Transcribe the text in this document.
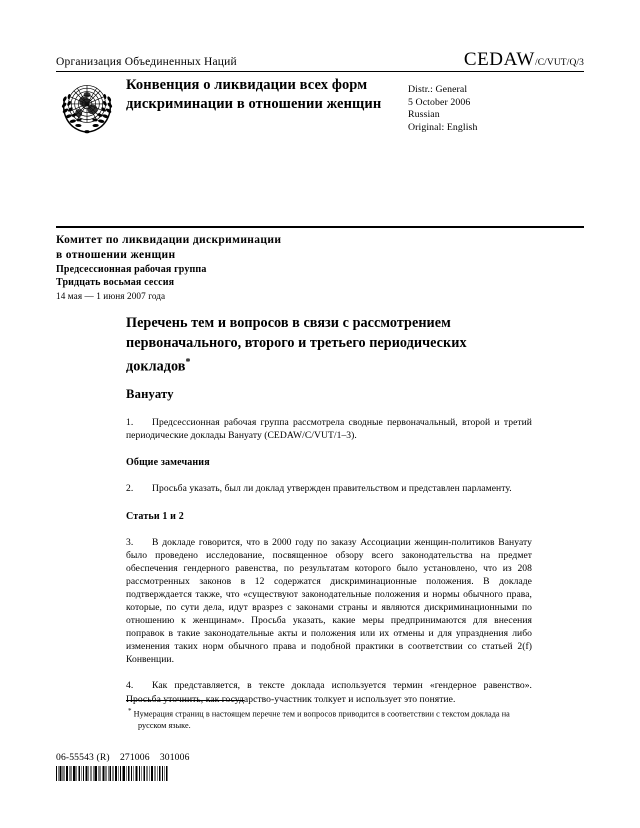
Организация Объединенных Наций	CEDAW /C/VUT/Q/3
Конвенция о ликвидации всех форм дискриминации в отношении женщин
Distr.: General
5 October 2006
Russian
Original: English
Комитет по ликвидации дискриминации
в отношении женщин
Предсессионная рабочая группа
Тридцать восьмая сессия
14 мая — 1 июня 2007 года
Перечень тем и вопросов в связи с рассмотрением первоначального, второго и третьего периодических докладов*
Вануату
1. Предсессионная рабочая группа рассмотрела сводные первоначальный, второй и третий периодические доклады Вануату (CEDAW/C/VUT/1–3).
Общие замечания
2. Просьба указать, был ли доклад утвержден правительством и представлен парламенту.
Статьи 1 и 2
3. В докладе говорится, что в 2000 году по заказу Ассоциации женщин-политиков Вануату было проведено исследование, посвященное обзору всего законодательства на предмет обеспечения гендерного равенства, по результатам которого было установлено, что из 208 рассмотренных законов в 12 содержатся дискриминационные положения. В докладе подтверждается также, что «существуют законодательные положения и нормы обычного права, которые, по сути дела, идут вразрез с законами страны и являются дискриминационными по отношению к женщинам». Просьба указать, какие меры предпринимаются для внесения поправок в такие законодательные акты и положения или их отмены и для упразднения либо изменения таких норм обычного права и подобной практики в соответствии со статьей 2(f) Конвенции.
4. Как представляется, в тексте доклада используется термин «гендерное равенство». Просьба уточнить, как государство-участник толкует и использует это понятие.
* Нумерация страниц в настоящем перечне тем и вопросов приводится в соответствии с текстом доклада на русском языке.
06-55543 (R)    271006    301006
